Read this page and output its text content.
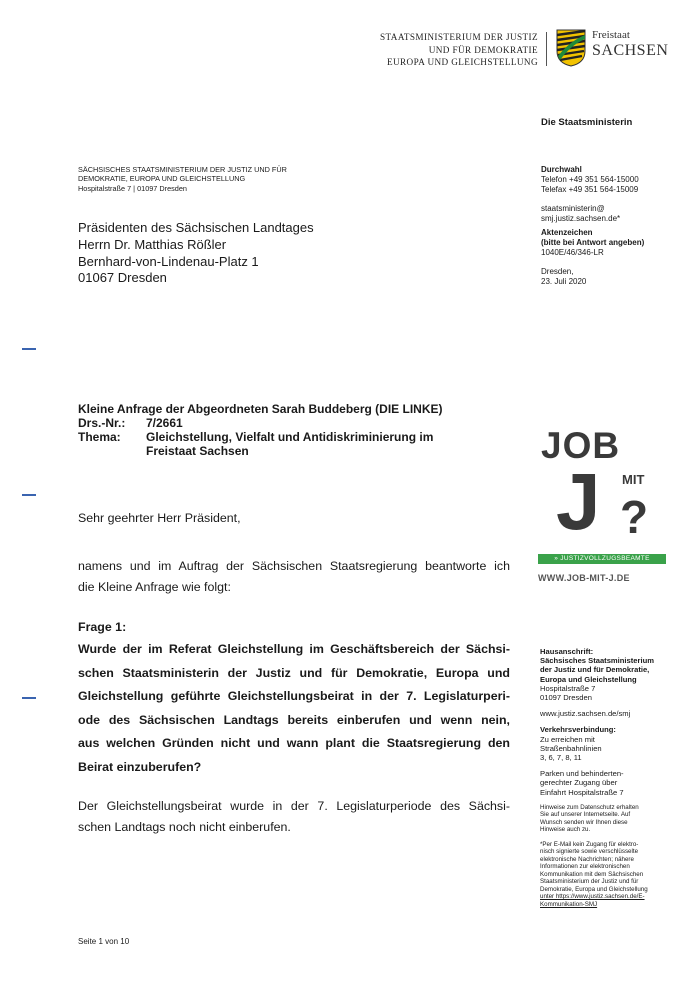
STAATSMINISTERIUM DER JUSTIZ
UND FÜR DEMOKRATIE
EUROPA UND GLEICHSTELLUNG
Freistaat
SACHSEN
Die Staatsministerin
SÄCHSISCHES STAATSMINISTERIUM DER JUSTIZ UND FÜR
DEMOKRATIE, EUROPA UND GLEICHSTELLUNG
Hospitalstraße 7 | 01097 Dresden
Präsidenten des Sächsischen Landtages
Herrn Dr. Matthias Rößler
Bernhard-von-Lindenau-Platz 1
01067 Dresden
Durchwahl
Telefon +49 351 564-15000
Telefax +49 351 564-15009
staatsministerin@
smj.justiz.sachsen.de*
Aktenzeichen
(bitte bei Antwort angeben)
1040E/46/346-LR
Dresden,
23. Juli 2020
Kleine Anfrage der Abgeordneten Sarah Buddeberg (DIE LINKE)
Drs.-Nr.:	7/2661
Thema:	Gleichstellung, Vielfalt und Antidiskriminierung im
Freistaat Sachsen
Sehr geehrter Herr Präsident,
namens und im Auftrag der Sächsischen Staatsregierung beantworte ich
die Kleine Anfrage wie folgt:
Frage 1:
Wurde der im Referat Gleichstellung im Geschäftsbereich der Sächsi-
schen Staatsministerin der Justiz und für Demokratie, Europa und
Gleichstellung geführte Gleichstellungsbeirat in der 7. Legislaturperi-
ode des Sächsischen Landtags bereits einberufen und wenn nein,
aus welchen Gründen nicht und wann plant die Staatsregierung den
Beirat einzuberufen?
Der Gleichstellungsbeirat wurde in der 7. Legislaturperiode des Sächsi-
schen Landtags noch nicht einberufen.
JOB
MIT
J ?
» JUSTIZVOLLZUGSBEAMTE
WWW.JOB-MIT-J.DE
Hausanschrift:
Sächsisches Staatsministerium
der Justiz und für Demokratie,
Europa und Gleichstellung
Hospitalstraße 7
01097 Dresden
www.justiz.sachsen.de/smj
Verkehrsverbindung:
Zu erreichen mit
Straßenbahnlinien
3, 6, 7, 8, 11
Parken und behinderten-
gerechter Zugang über
Einfahrt Hospitalstraße 7
Hinweise zum Datenschutz erhalten
Sie auf unserer Internetseite. Auf
Wunsch senden wir Ihnen diese
Hinweise auch zu.
*Per E-Mail kein Zugang für elektro-
nisch signierte sowie verschlüsselte
elektronische Nachrichten; nähere
Informationen zur elektronischen
Kommunikation mit dem Sächsischen
Staatsministerium der Justiz und für
Demokratie, Europa und Gleichstellung
unter https://www.justiz.sachsen.de/E-
Kommunikation-SMJ
Seite 1 von 10
